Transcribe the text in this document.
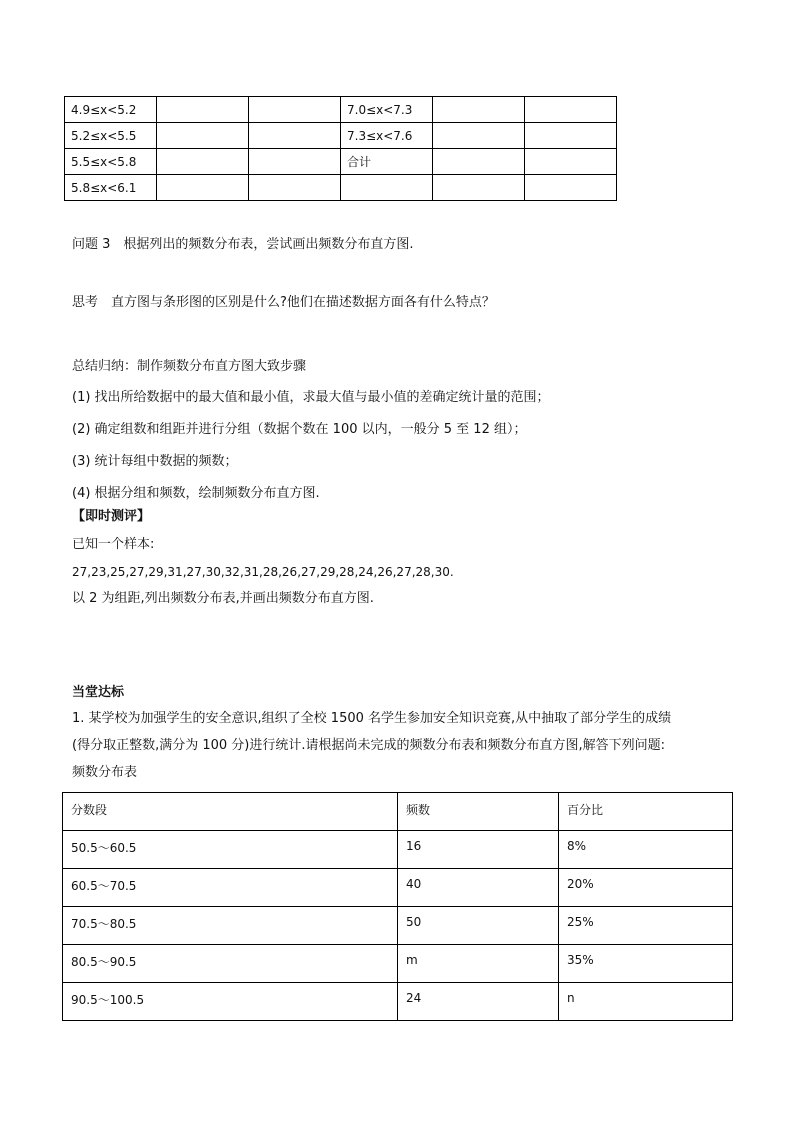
4.9≤x<5.2			7.0≤x<7.3		
5.2≤x<5.5			7.3≤x<7.6		
5.5≤x<5.8			合计		
5.8≤x<6.1					
问题 3　根据列出的频数分布表，尝试画出频数分布直方图.
思考　直方图与条形图的区别是什么?他们在描述数据方面各有什么特点？
总结归纳：制作频数分布直方图大致步骤
(1) 找出所给数据中的最大值和最小值，求最大值与最小值的差确定统计量的范围；
(2) 确定组数和组距并进行分组（数据个数在 100 以内，一般分 5 至 12 组）；
(3) 统计每组中数据的频数；
(4) 根据分组和频数，绘制频数分布直方图.
【即时测评】
已知一个样本:
27,23,25,27,29,31,27,30,32,31,28,26,27,29,28,24,26,27,28,30.
以 2 为组距,列出频数分布表,并画出频数分布直方图.
当堂达标
1. 某学校为加强学生的安全意识,组织了全校 1500 名学生参加安全知识竞赛,从中抽取了部分学生的成绩
(得分取正整数,满分为 100 分)进行统计.请根据尚未完成的频数分布表和频数分布直方图,解答下列问题:
频数分布表
分数段	频数	百分比
50.5～60.5	16	8%
60.5～70.5	40	20%
70.5～80.5	50	25%
80.5～90.5	m	35%
90.5～100.5	24	n
